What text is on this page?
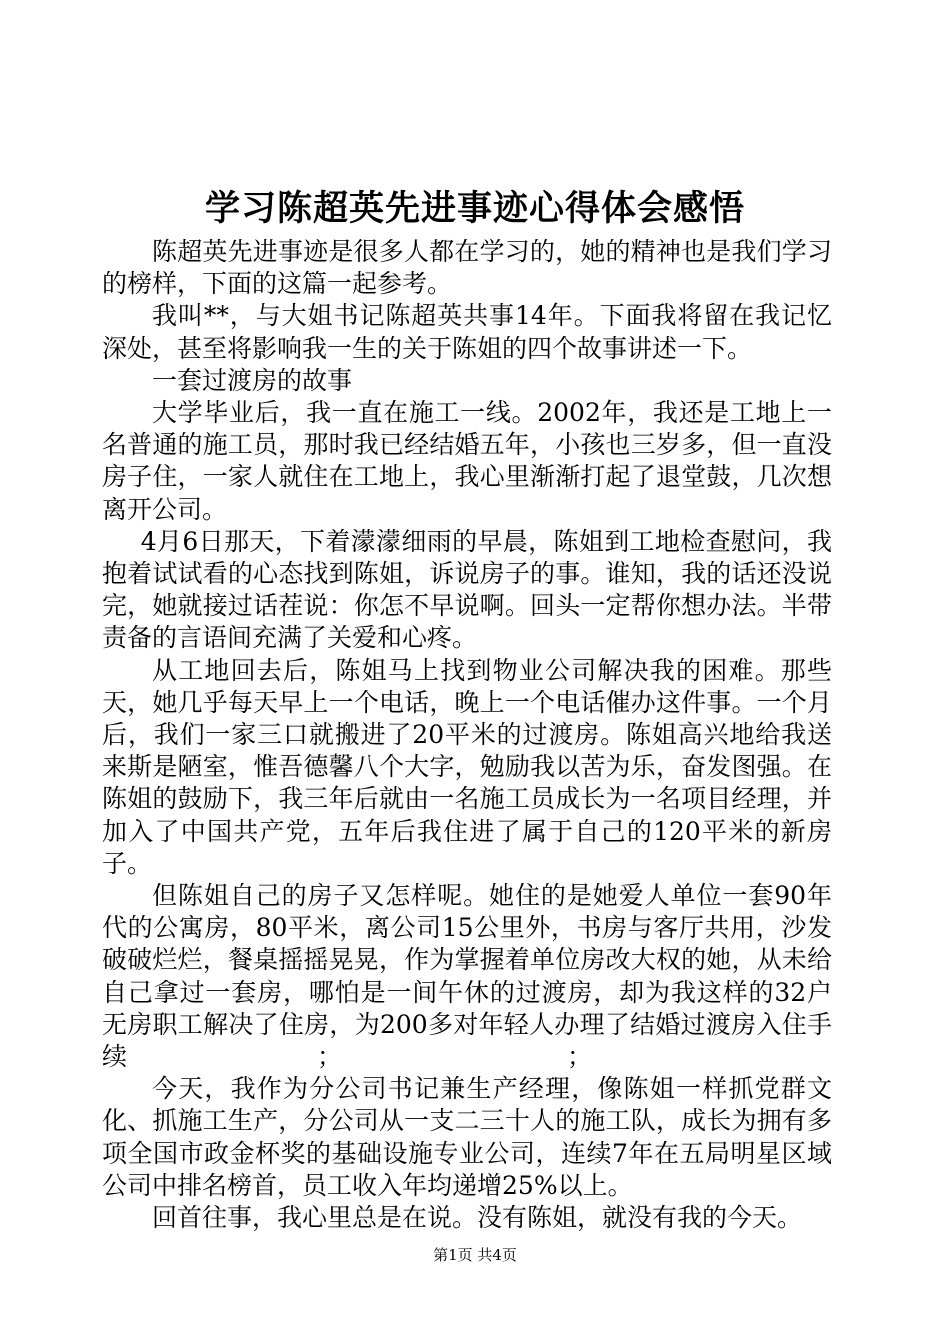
学习陈超英先进事迹心得体会感悟

陈超英先进事迹是很多人都在学习的，她的精神也是我们学习的榜样，下面的这篇一起参考。

我叫**，与大姐书记陈超英共事14年。下面我将留在我记忆深处，甚至将影响我一生的关于陈姐的四个故事讲述一下。

一套过渡房的故事

大学毕业后，我一直在施工一线。2002年，我还是工地上一名普通的施工员，那时我已经结婚五年，小孩也三岁多，但一直没房子住，一家人就住在工地上，我心里渐渐打起了退堂鼓，几次想离开公司。

4月6日那天，下着濛濛细雨的早晨，陈姐到工地检查慰问，我抱着试试看的心态找到陈姐，诉说房子的事。谁知，我的话还没说完，她就接过话茬说：你怎不早说啊。回头一定帮你想办法。半带责备的言语间充满了关爱和心疼。

从工地回去后，陈姐马上找到物业公司解决我的困难。那些天，她几乎每天早上一个电话，晚上一个电话催办这件事。一个月后，我们一家三口就搬进了20平米的过渡房。陈姐高兴地给我送来斯是陋室，惟吾德馨八个大字，勉励我以苦为乐，奋发图强。在陈姐的鼓励下，我三年后就由一名施工员成长为一名项目经理，并加入了中国共产党，五年后我住进了属于自己的120平米的新房子。

但陈姐自己的房子又怎样呢。她住的是她爱人单位一套90年代的公寓房，80平米，离公司15公里外，书房与客厅共用，沙发破破烂烂，餐桌摇摇晃晃，作为掌握着单位房改大权的她，从未给自己拿过一套房，哪怕是一间午休的过渡房，却为我这样的32户无房职工解决了住房，为200多对年轻人办理了结婚过渡房入住手续	；	；

今天，我作为分公司书记兼生产经理，像陈姐一样抓党群文化、抓施工生产，分公司从一支二三十人的施工队，成长为拥有多项全国市政金杯奖的基础设施专业公司，连续7年在五局明星区域公司中排名榜首，员工收入年均递增25%以上。

回首往事，我心里总是在说。没有陈姐，就没有我的今天。

第1页 共4页
